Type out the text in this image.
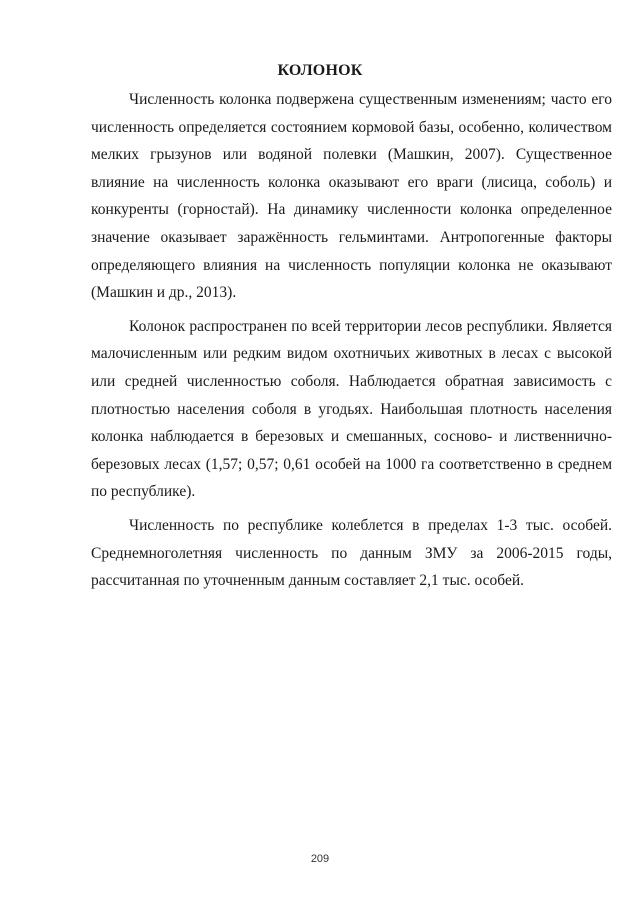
КОЛОНОК

Численность колонка подвержена существенным изменениям; часто его численность определяется состоянием кормовой базы, особенно, количеством мелких грызунов или водяной полевки (Машкин, 2007). Существенное влияние на численность колонка оказывают его враги (лисица, соболь) и конкуренты (горностай). На динамику численности колонка определенное значение оказывает заражённость гельминтами. Антропогенные факторы определяющего влияния на численность популяции колонка не оказывают (Машкин и др., 2013).

Колонок распространен по всей территории лесов республики. Является малочисленным или редким видом охотничьих животных в лесах с высокой или средней численностью соболя. Наблюдается обратная зависимость с плотностью населения соболя в угодьях. Наибольшая плотность населения колонка наблюдается в березовых и смешанных, сосново- и лиственнично-березовых лесах (1,57; 0,57; 0,61 особей на 1000 га соответственно в среднем по республике).

Численность по республике колеблется в пределах 1-3 тыс. особей. Среднемноголетняя численность по данным ЗМУ за 2006-2015 годы, рассчитанная по уточненным данным составляет 2,1 тыс. особей.

209
